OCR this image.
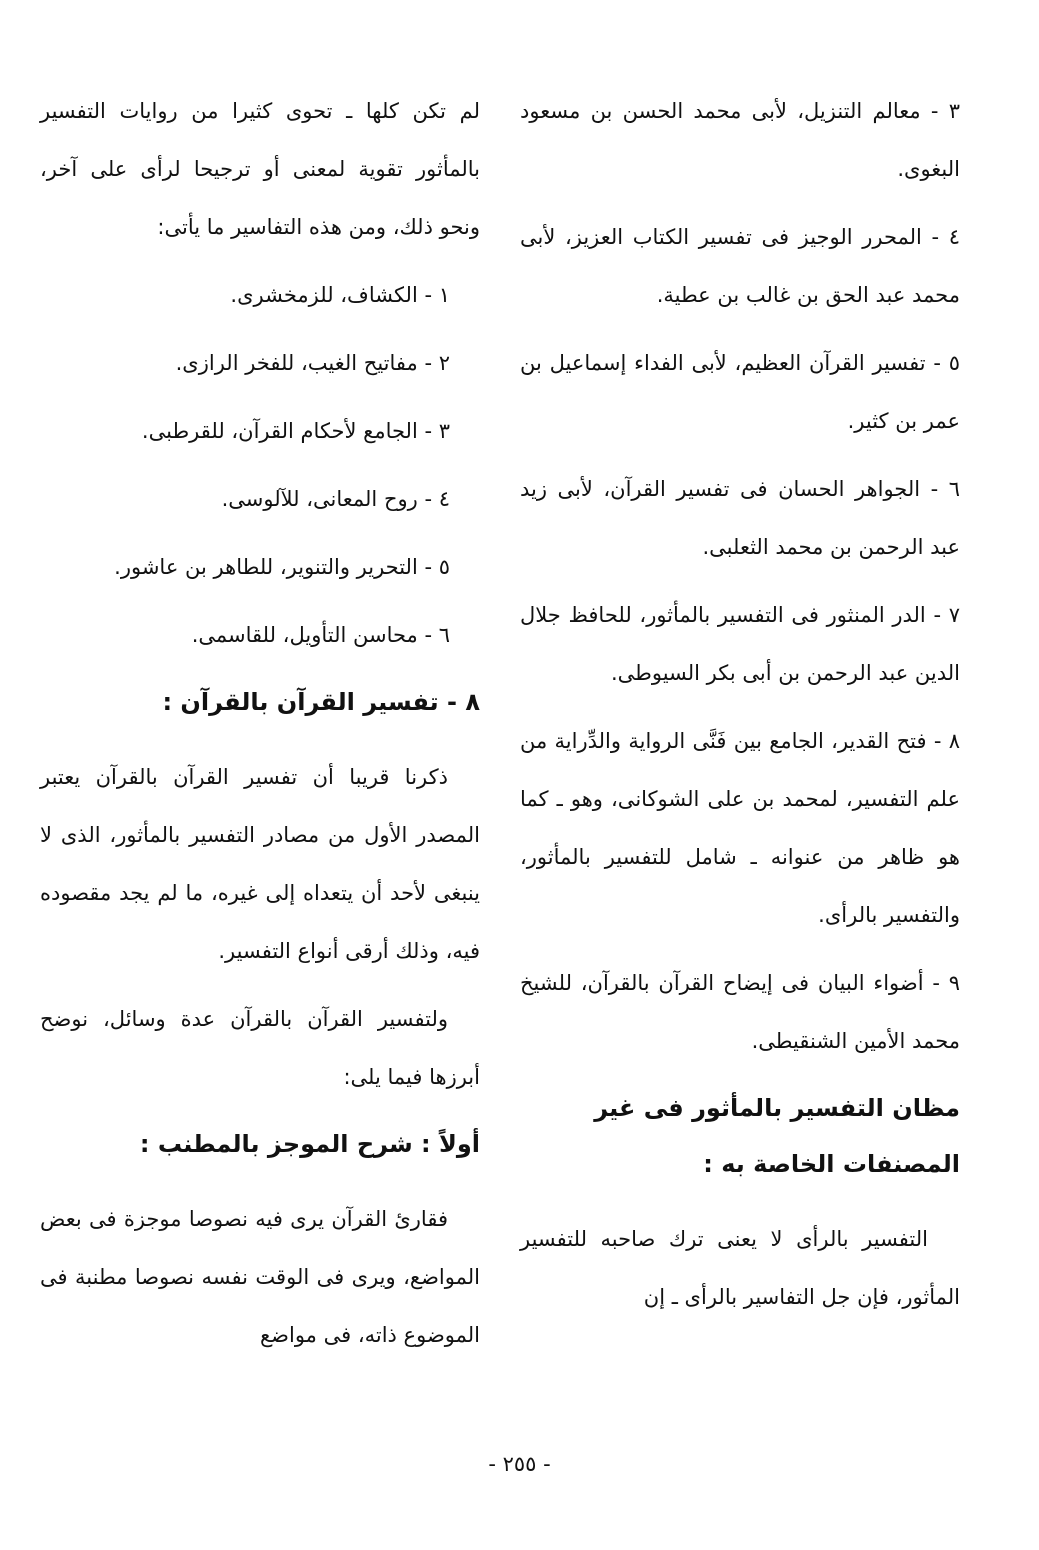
٣ - معالم التنزيل، لأبى محمد الحسن بن مسعود البغوى.

٤ - المحرر الوجيز فى تفسير الكتاب العزيز، لأبى محمد عبد الحق بن غالب بن عطية.

٥ - تفسير القرآن العظيم، لأبى الفداء إسماعيل بن عمر بن كثير.

٦ - الجواهر الحسان فى تفسير القرآن، لأبى زيد عبد الرحمن بن محمد الثعلبى.

٧ - الدر المنثور فى التفسير بالمأثور، للحافظ جلال الدين عبد الرحمن بن أبى بكر السيوطى.

٨ - فتح القدير، الجامع بين فَنَّى الرواية والدِّراية من علم التفسير، لمحمد بن على الشوكانى، وهو ـ كما هو ظاهر من عنوانه ـ شامل للتفسير بالمأثور، والتفسير بالرأى.

٩ - أضواء البيان فى إيضاح القرآن بالقرآن، للشيخ محمد الأمين الشنقيطى.

مظان التفسير بالمأثور فى غير المصنفات الخاصة به :

التفسير بالرأى لا يعنى ترك صاحبه للتفسير المأثور، فإن جل التفاسير بالرأى ـ إن

لم تكن كلها ـ تحوى كثيرا من روايات التفسير بالمأثور تقوية لمعنى أو ترجيحا لرأى على آخر، ونحو ذلك، ومن هذه التفاسير ما يأتى:

١ - الكشاف، للزمخشرى.
٢ - مفاتيح الغيب، للفخر الرازى.
٣ - الجامع لأحكام القرآن، للقرطبى.
٤ - روح المعانى، للآلوسى.
٥ - التحرير والتنوير، للطاهر بن عاشور.
٦ - محاسن التأويل، للقاسمى.
٨ - تفسير القرآن بالقرآن :

ذكرنا قريبا أن تفسير القرآن بالقرآن يعتبر المصدر الأول من مصادر التفسير بالمأثور، الذى لا ينبغى لأحد أن يتعداه إلى غيره، ما لم يجد مقصوده فيه، وذلك أرقى أنواع التفسير.

ولتفسير القرآن بالقرآن عدة وسائل، نوضح أبرزها فيما يلى:

أولاً : شرح الموجز بالمطنب :

فقارئ القرآن يرى فيه نصوصا موجزة فى بعض المواضع، ويرى فى الوقت نفسه نصوصا مطنبة فى الموضوع ذاته، فى مواضع

- ٢٥٥ -
